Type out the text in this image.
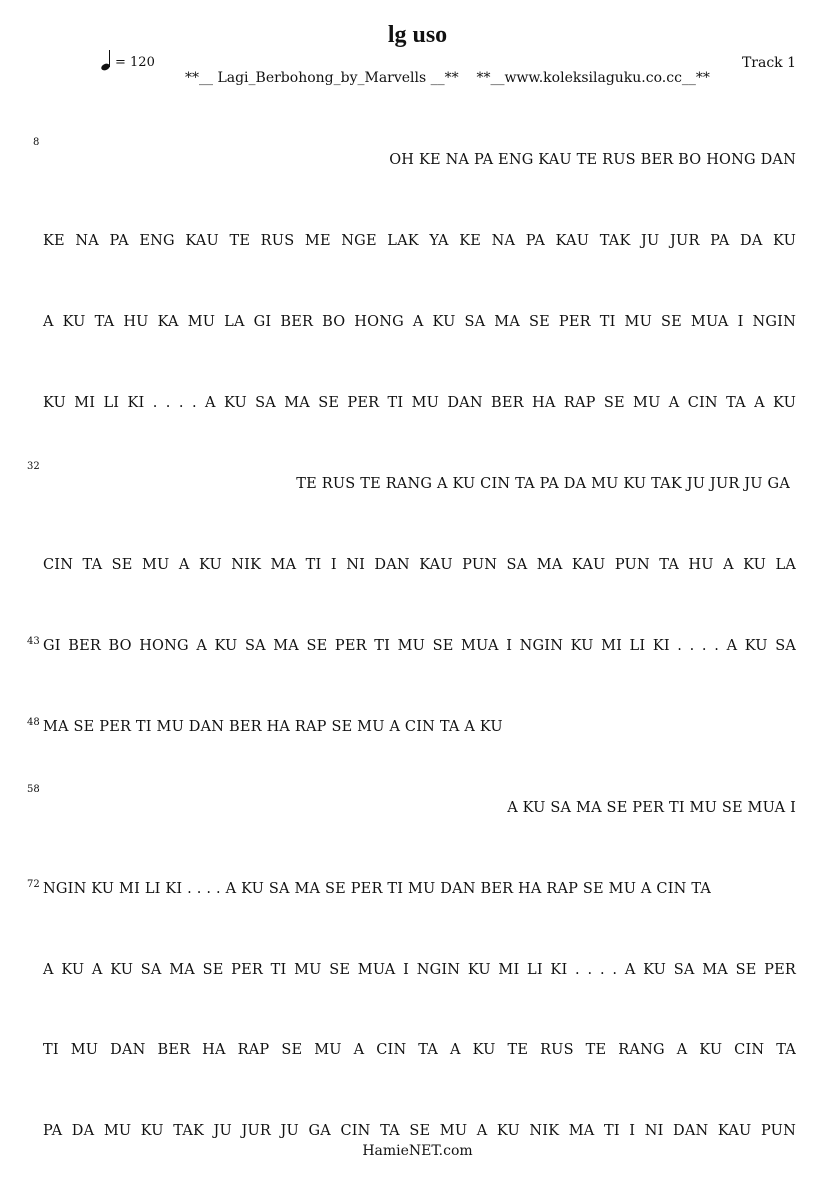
lg uso
= 120	Track 1
**__ Lagi_Berbohong_by_Marvells __**    **__www.koleksilaguku.co.cc__**
8
32
43
48
58
72
OH KE NA PA ENG KAU TE RUS BER BO HONG DAN
KE NA PA ENG KAU TE RUS ME NGE LAK YA KE NA PA KAU TAK JU JUR PA DA KU
A KU TA HU KA MU LA GI BER BO HONG A KU SA MA SE PER TI MU SE MUA I NGIN
KU MI LI KI . . . . A KU SA MA SE PER TI MU DAN BER HA RAP SE MU A CIN TA A KU
TE RUS TE RANG A KU CIN TA PA DA MU KU TAK JU JUR JU GA
CIN TA SE MU A KU NIK MA TI I NI DAN KAU PUN SA MA KAU PUN TA HU A KU LA
GI BER BO HONG A KU SA MA SE PER TI MU SE MUA I NGIN KU MI LI KI . . . . A KU SA
MA SE PER TI MU DAN BER HA RAP SE MU A CIN TA A KU
A KU SA MA SE PER TI MU SE MUA I
NGIN KU MI LI KI . . . . A KU SA MA SE PER TI MU DAN BER HA RAP SE MU A CIN TA
A KU A KU SA MA SE PER TI MU SE MUA I NGIN KU MI LI KI . . . . A KU SA MA SE PER
TI MU DAN BER HA RAP SE MU A CIN TA A KU TE RUS TE RANG A KU CIN TA
PA DA MU KU TAK JU JUR JU GA CIN TA SE MU A KU NIK MA TI I NI DAN KAU PUN
HamieNET.com
